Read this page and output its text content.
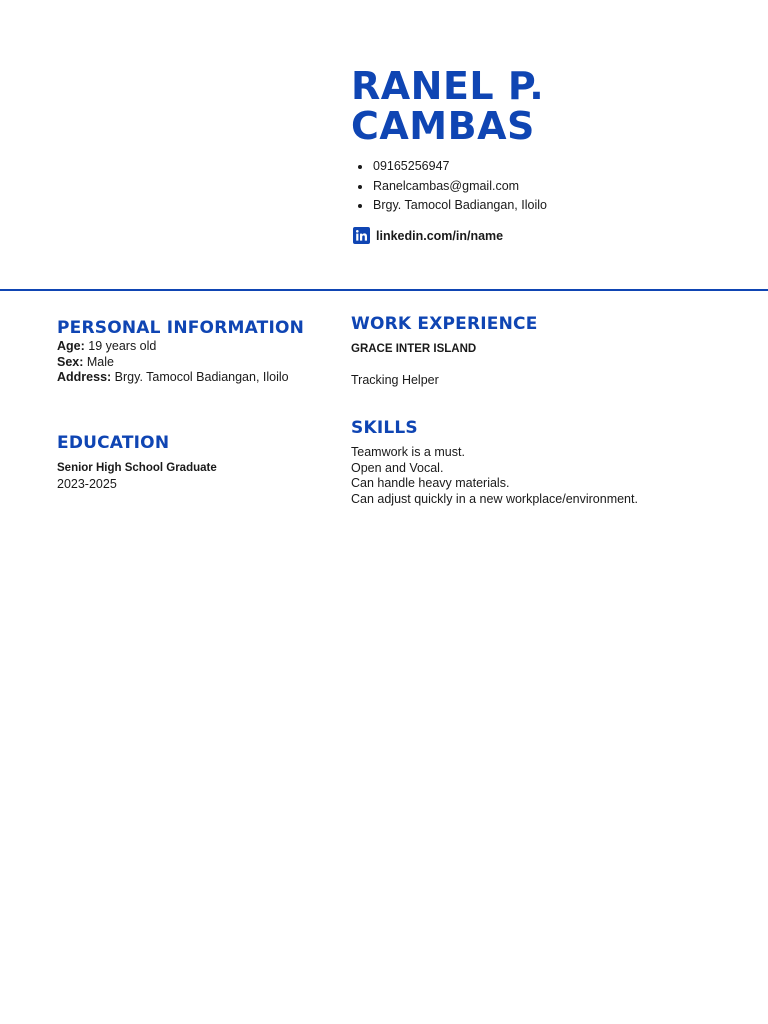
RANEL P.
CAMBAS
09165256947
Ranelcambas@gmail.com
Brgy. Tamocol Badiangan, Iloilo
linkedin.com/in/name
PERSONAL INFORMATION
Age: 19 years old
Sex: Male
Address: Brgy. Tamocol Badiangan, Iloilo
EDUCATION
Senior High School Graduate
2023-2025
WORK EXPERIENCE
GRACE INTER ISLAND
Tracking Helper
SKILLS
Teamwork is a must.
Open and Vocal.
Can handle heavy materials.
Can adjust quickly in a new workplace/environment.
